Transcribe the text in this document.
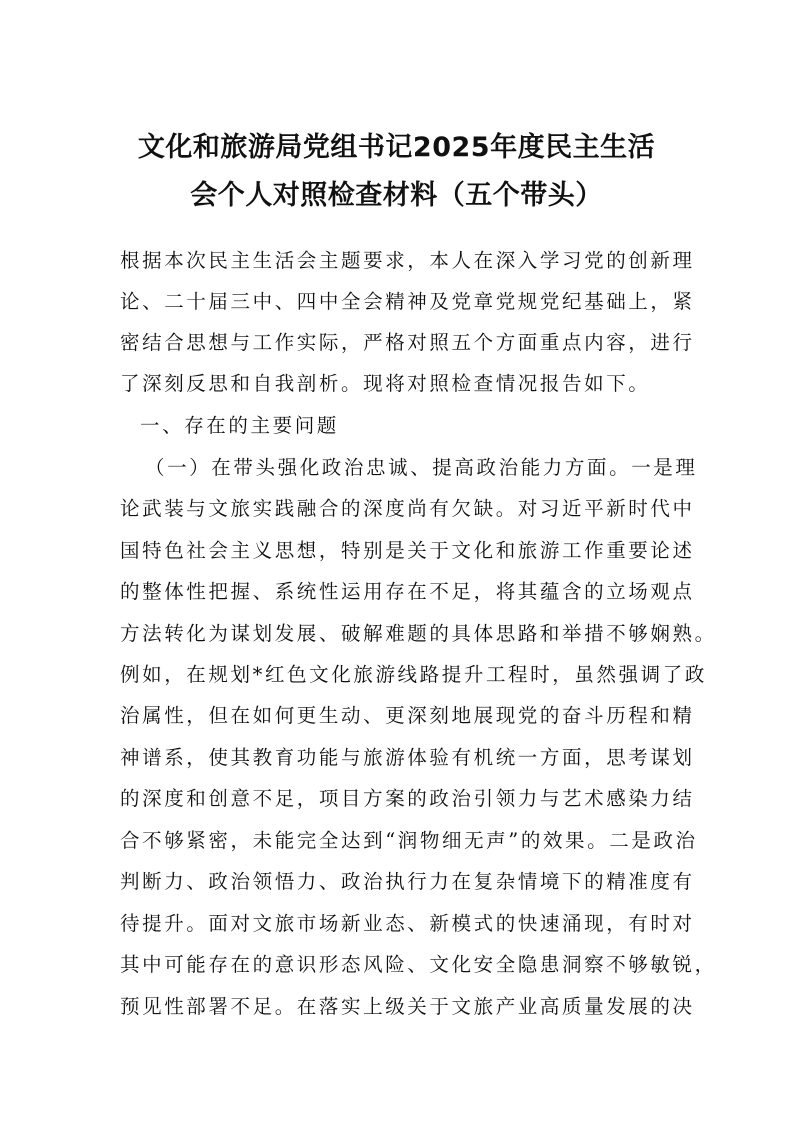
文化和旅游局党组书记2025年度民主生活
会个人对照检查材料（五个带头）
根据本次民主生活会主题要求，本人在深入学习党的创新理
论、二十届三中、四中全会精神及党章党规党纪基础上，紧
密结合思想与工作实际，严格对照五个方面重点内容，进行
了深刻反思和自我剖析。现将对照检查情况报告如下。
一、存在的主要问题
（一）在带头强化政治忠诚、提高政治能力方面。一是理
论武装与文旅实践融合的深度尚有欠缺。对习近平新时代中
国特色社会主义思想，特别是关于文化和旅游工作重要论述
的整体性把握、系统性运用存在不足，将其蕴含的立场观点
方法转化为谋划发展、破解难题的具体思路和举措不够娴熟。
例如，在规划*红色文化旅游线路提升工程时，虽然强调了政
治属性，但在如何更生动、更深刻地展现党的奋斗历程和精
神谱系，使其教育功能与旅游体验有机统一方面，思考谋划
的深度和创意不足，项目方案的政治引领力与艺术感染力结
合不够紧密，未能完全达到“润物细无声”的效果。二是政治
判断力、政治领悟力、政治执行力在复杂情境下的精准度有
待提升。面对文旅市场新业态、新模式的快速涌现，有时对
其中可能存在的意识形态风险、文化安全隐患洞察不够敏锐，
预见性部署不足。在落实上级关于文旅产业高质量发展的决
